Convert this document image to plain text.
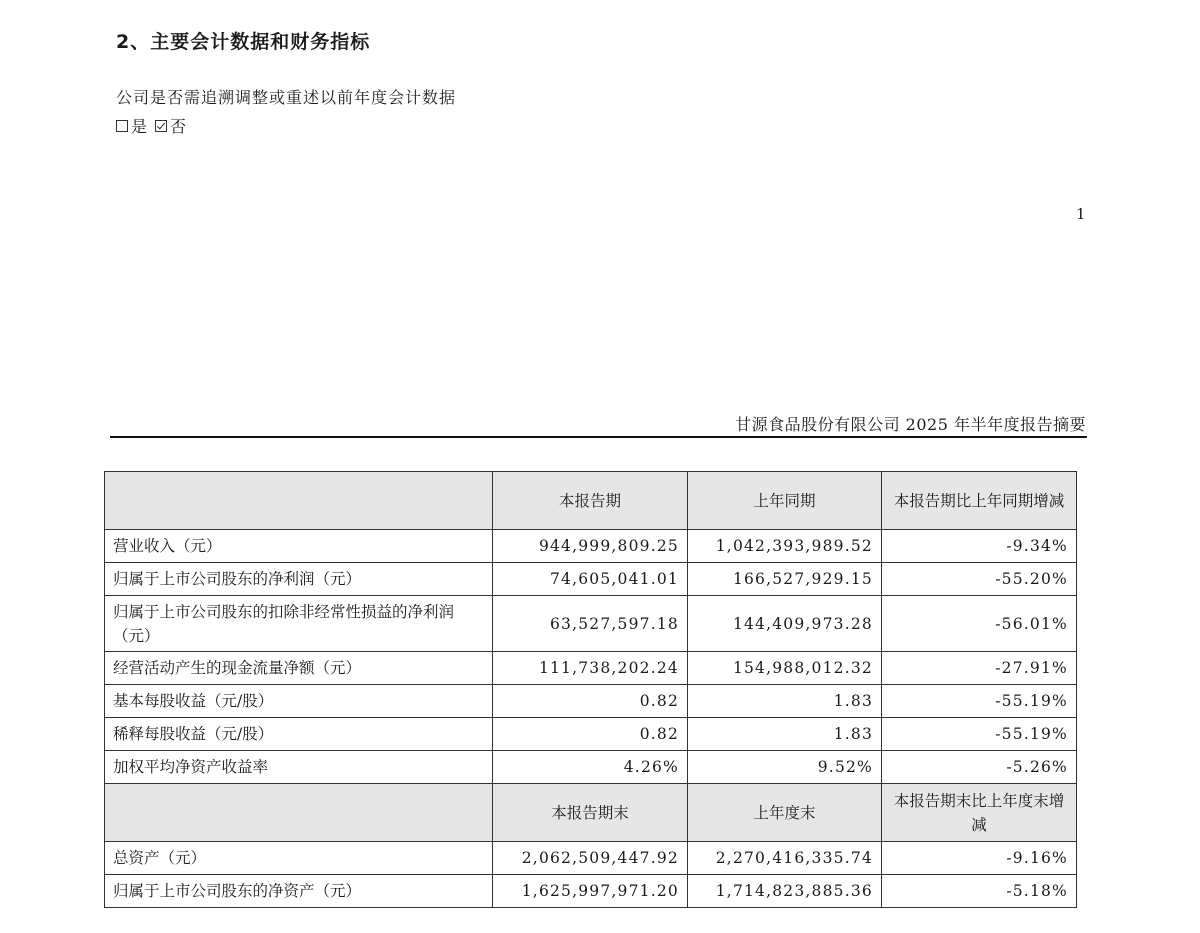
2、主要会计数据和财务指标
公司是否需追溯调整或重述以前年度会计数据
是 否
1
甘源食品股份有限公司 2025 年半年度报告摘要
	本报告期	上年同期	本报告期比上年同期增减
营业收入（元）	944,999,809.25	1,042,393,989.52	-9.34%
归属于上市公司股东的净利润（元）	74,605,041.01	166,527,929.15	-55.20%
归属于上市公司股东的扣除非经常性损益的净利润（元）	63,527,597.18	144,409,973.28	-56.01%
经营活动产生的现金流量净额（元）	111,738,202.24	154,988,012.32	-27.91%
基本每股收益（元/股）	0.82	1.83	-55.19%
稀释每股收益（元/股）	0.82	1.83	-55.19%
加权平均净资产收益率	4.26%	9.52%	-5.26%
	本报告期末	上年度末	本报告期末比上年度末增减
总资产（元）	2,062,509,447.92	2,270,416,335.74	-9.16%
归属于上市公司股东的净资产（元）	1,625,997,971.20	1,714,823,885.36	-5.18%
